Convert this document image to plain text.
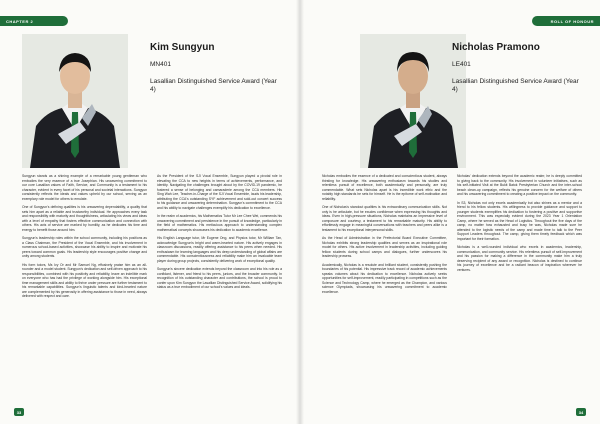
CHAPTER 2
Kim Sungyun
MN401
Lasallian Distinguished Service Award (Year 4)

Sungyun stands as a shining example of a remarkable young gentleman who embodies the very essence of a true Josephian. His unwavering commitment to our core Lasallian values of Faith, Service, and Community is a testament to his character, evident in every facet of his personal and societal interactions. Sungyun consistently reflects the ideals and values upheld by our school, serving as an exemplary role model for others to emulate.

One of Sungyun's defining qualities is his unwavering dependability, a quality that sets him apart as a reliable and trustworthy individual. He approaches every task and responsibility with maturity and thoughtfulness, articulating his views and ideas with a level of empathy that fosters effective communication and connection with others. His acts of service are marked by humility, as he dedicates his time and energy to benefit those around him.

Sungyun's leadership roles within the school community, including his positions as a Class Chairman, the President of the Vocal Ensemble, and his involvement in numerous school-based activities, showcase his ability to inspire and motivate his peers toward common goals. His leadership style encourages positive change and unity among students.

His form tutors, Ms Ivy Or and Mr Samuel Ng, effusively praise him as an all-rounder and a model student. Sungyun's dedication and self-driven approach to his responsibilities, combined with his positivity and reliability, leave an indelible mark on everyone who has had the privilege of working alongside him. His exceptional time management skills and ability to thrive under pressure are further testament to his remarkable capabilities. Sungyun's linguistic talents and kind-hearted nature are complemented by his generosity in offering assistance to those in need, always delivered with respect and care.

As the President of the SJI Vocal Ensemble, Sungyun played a pivotal role in elevating the CCA to new heights in terms of achievements, performance, and identity. Navigating the challenges brought about by the COVID-19 pandemic, he fostered a sense of belonging and camaraderie among the CCA members. His Sing Wah Lee, Teacher-in-Charge of the SJI Vocal Ensemble, lauds his leadership, attributing the CCA's outstanding SYF achievement and sold-out concert success to his guidance and unwavering determination. Sungyun's commitment to the CCA and his ability to navigate challenges exemplify his dedication to excellence.

In the realm of academics, his Mathematics Tutor Mr Lee Chee Wei, commends his unwavering commitment and persistence in the pursuit of knowledge, particularly in the field of mathematics. His meticulous approach to understanding complex mathematical concepts showcases his dedication to academic excellence.

His English Language tutor, Mr Eugene Ong, and Physics tutor, Mr William Tan, acknowledge Sungyun's bright and warm-hearted nature. His actively engages in classroom discussions, readily offering assistance to his peers when needed. His enthusiasm for learning languages and his deep understanding of global affairs are commendable. His conscientiousness and reliability make him an invaluable team player during group projects, consistently delivering work of exceptional quality.

Sungyun's sincere dedication extends beyond the classroom and into his role as a confidant, listener, and friend to his peers, juniors, and the broader community. In recognition of his outstanding character and contributions, the school is proud to confer upon Kim Sungyun the Lasallian Distinguished Service Award, solidifying his status as a true embodiment of our school's values and ideals.

33
ROLL OF HONOUR
Nicholas Pramono
LE401
Lasallian Distinguished Service Award (Year 4)

Nicholas embodies the essence of a dedicated and conscientious student, always thirsting for knowledge. His unwavering enthusiasm towards his studies and relentless pursuit of excellence, both academically and personally, are truly commendable. What sets Nicholas apart is his incredible work ethic and the notably high standards he sets for himself. He is the epitome of self-motivation and reliability.

One of Nicholas's standout qualities is his extraordinary communication skills. Not only is he articulate, but he exudes confidence when expressing his thoughts and ideas. Even in high-pressure situations, Nicholas maintains an impressive level of composure and courtesy, a testament to his remarkable maturity. His ability to effortlessly engage in meaningful conversations with teachers and peers alike is a testament to his exceptional interpersonal skills.

As the Head of Administration in the Prefectorial Board Executive Committee, Nicholas exhibits strong leadership qualities and serves as an inspirational role model for others. His active involvement in leadership activities, including guiding fellow students during school camps and dialogues, further underscores his leadership prowess.

Academically, Nicholas is a resolute and brilliant student, consistently pushing the boundaries of his potential. His impressive track record of academic achievements speaks volumes about his dedication to excellence. Nicholas actively seeks opportunities for self-improvement, readily participating in competitions such as the Science and Technology Camp, where he emerged as the Champion, and various science Olympiads, showcasing his unwavering commitment to academic excellence.

Nicholas' dedication extends beyond the academic realm; he is deeply committed to giving back to the community. His involvement in volunteer initiatives, such as his self-initiated Visit at the Bukit Batok Presbyterian Church and the inter-school beach clean-up campaign, reflects his genuine concern for the welfare of others and his unwavering commitment to creating a positive impact on the community.

In S3, Nicholas not only excels academically but also shines as a mentor and a friend to his fellow students. His willingness to provide guidance and support to younger students exemplifies his dedication to fostering a positive and supportive environment. This was especially evident during the 2023 Year 1 Orientation Camp, where he served as the Head of Logistics. Throughout the five days of the camp, no matter how exhausted and busy he was, Nicholas made sure he attended to the logistic needs of the camp and made time to talk to the Peer Support Leaders throughout. The camp, giving them timely feedback which was important for their formation.

Nicholas is a well-rounded individual who excels in academics, leadership, communication, and community service. His relentless pursuit of self-improvement and his passion for making a difference in the community make him a truly deserving recipient of any award or recognition. Nicholas is destined to continue his journey of excellence and be a radiant beacon of inspiration wherever he ventures.

34
